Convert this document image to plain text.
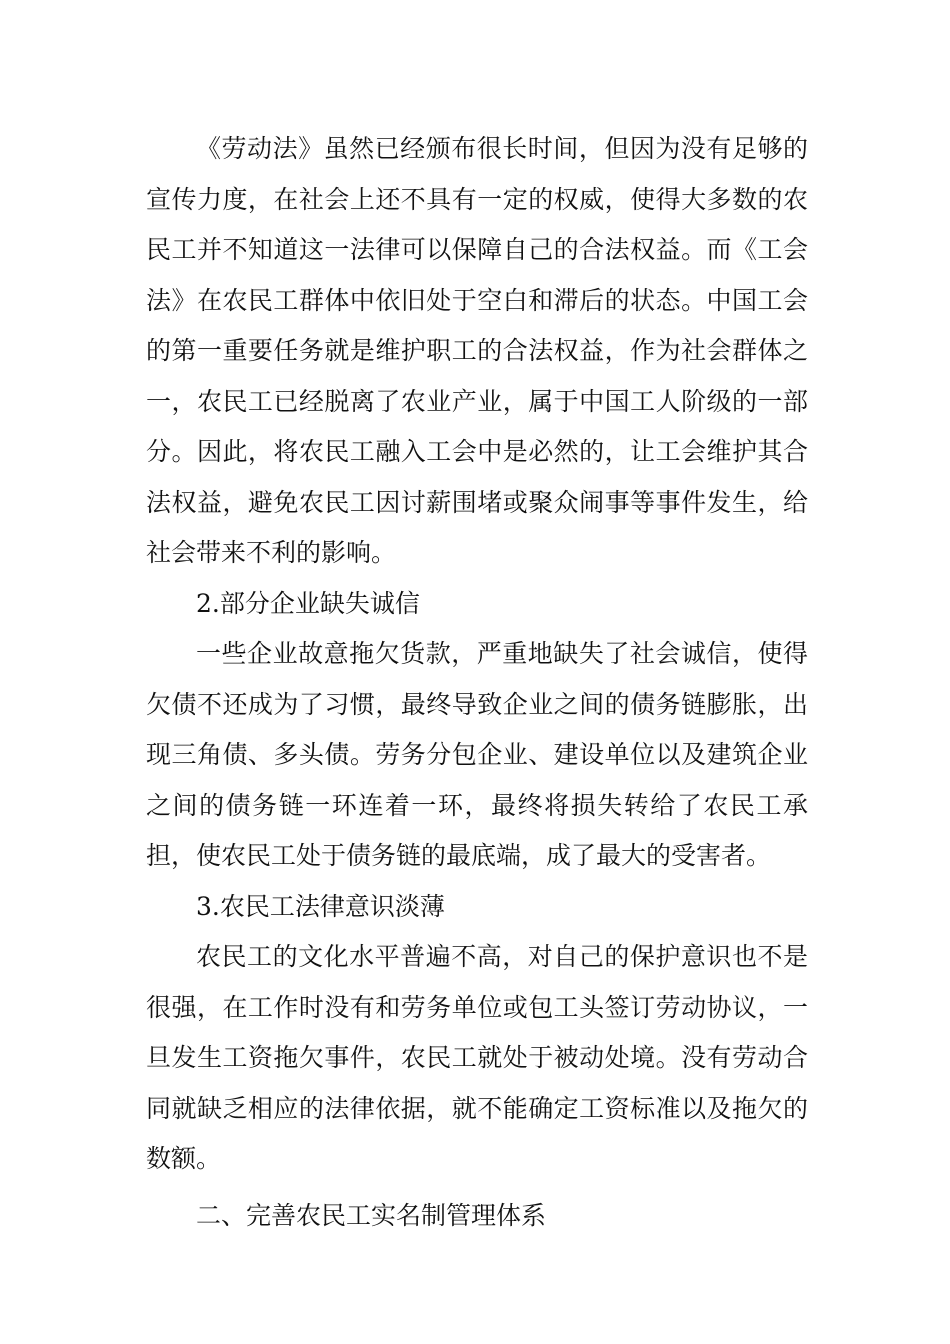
《劳动法》虽然已经颁布很长时间，但因为没有足够的宣传力度，在社会上还不具有一定的权威，使得大多数的农民工并不知道这一法律可以保障自己的合法权益。而《工会法》在农民工群体中依旧处于空白和滞后的状态。中国工会的第一重要任务就是维护职工的合法权益，作为社会群体之一，农民工已经脱离了农业产业，属于中国工人阶级的一部分。因此，将农民工融入工会中是必然的，让工会维护其合法权益，避免农民工因讨薪围堵或聚众闹事等事件发生，给社会带来不利的影响。

2.部分企业缺失诚信

一些企业故意拖欠货款，严重地缺失了社会诚信，使得欠债不还成为了习惯，最终导致企业之间的债务链膨胀，出现三角债、多头债。劳务分包企业、建设单位以及建筑企业之间的债务链一环连着一环，最终将损失转给了农民工承担，使农民工处于债务链的最底端，成了最大的受害者。

3.农民工法律意识淡薄

农民工的文化水平普遍不高，对自己的保护意识也不是很强，在工作时没有和劳务单位或包工头签订劳动协议，一旦发生工资拖欠事件，农民工就处于被动处境。没有劳动合同就缺乏相应的法律依据，就不能确定工资标准以及拖欠的数额。

二、完善农民工实名制管理体系
